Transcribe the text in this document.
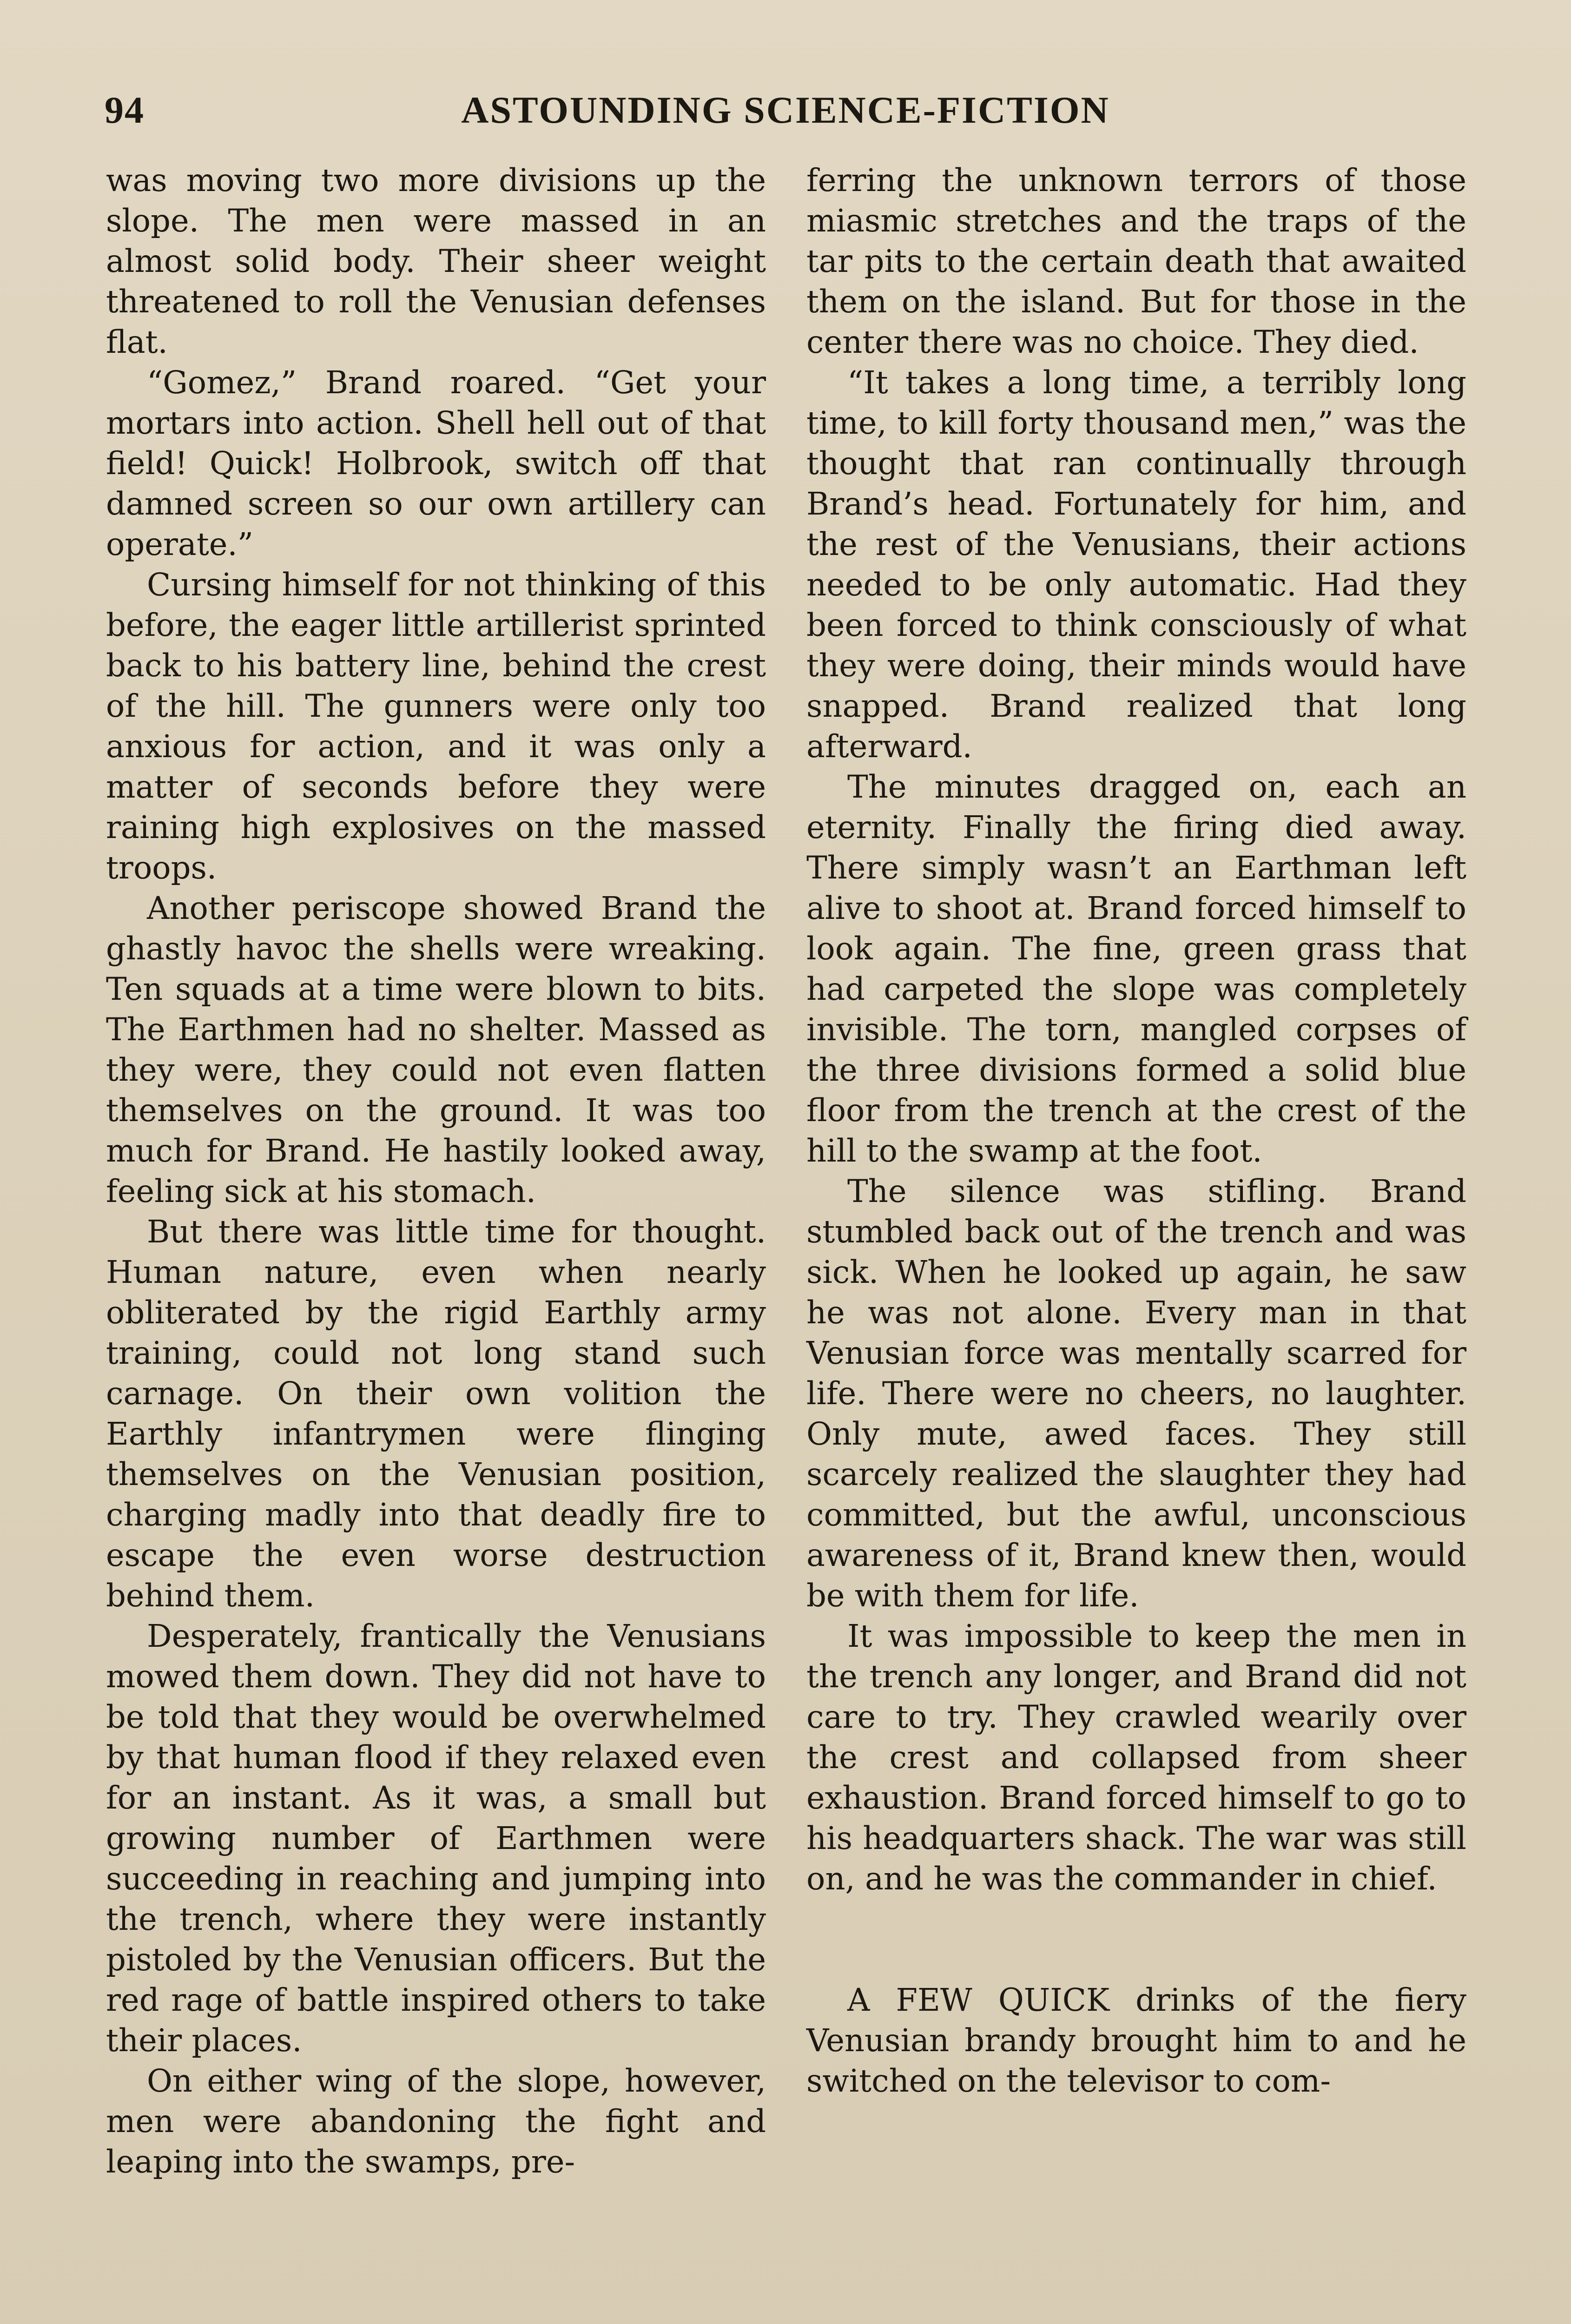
94	ASTOUNDING SCIENCE-FICTION

was moving two more divisions up the slope. The men were massed in an almost solid body. Their sheer weight threatened to roll the Venusian defenses flat.

“Gomez,” Brand roared. “Get your mortars into action. Shell hell out of that field! Quick! Holbrook, switch off that damned screen so our own artillery can operate.”

Cursing himself for not thinking of this before, the eager little artillerist sprinted back to his battery line, behind the crest of the hill. The gunners were only too anxious for action, and it was only a matter of seconds before they were raining high explosives on the massed troops.

Another periscope showed Brand the ghastly havoc the shells were wreaking. Ten squads at a time were blown to bits. The Earthmen had no shelter. Massed as they were, they could not even flatten themselves on the ground. It was too much for Brand. He hastily looked away, feeling sick at his stomach.

But there was little time for thought. Human nature, even when nearly obliterated by the rigid Earthly army training, could not long stand such carnage. On their own volition the Earthly infantrymen were flinging themselves on the Venusian position, charging madly into that deadly fire to escape the even worse destruction behind them.

Desperately, frantically the Venusians mowed them down. They did not have to be told that they would be overwhelmed by that human flood if they relaxed even for an instant. As it was, a small but growing number of Earthmen were succeeding in reaching and jumping into the trench, where they were instantly pistoled by the Venusian officers. But the red rage of battle inspired others to take their places.

On either wing of the slope, however, men were abandoning the fight and leaping into the swamps, pre-

ferring the unknown terrors of those miasmic stretches and the traps of the tar pits to the certain death that awaited them on the island. But for those in the center there was no choice. They died.

“It takes a long time, a terribly long time, to kill forty thousand men,” was the thought that ran continually through Brand’s head. Fortunately for him, and the rest of the Venusians, their actions needed to be only automatic. Had they been forced to think consciously of what they were doing, their minds would have snapped. Brand realized that long afterward.

The minutes dragged on, each an eternity. Finally the firing died away. There simply wasn’t an Earthman left alive to shoot at. Brand forced himself to look again. The fine, green grass that had carpeted the slope was completely invisible. The torn, mangled corpses of the three divisions formed a solid blue floor from the trench at the crest of the hill to the swamp at the foot.

The silence was stifling. Brand stumbled back out of the trench and was sick. When he looked up again, he saw he was not alone. Every man in that Venusian force was mentally scarred for life. There were no cheers, no laughter. Only mute, awed faces. They still scarcely realized the slaughter they had committed, but the awful, unconscious awareness of it, Brand knew then, would be with them for life.

It was impossible to keep the men in the trench any longer, and Brand did not care to try. They crawled wearily over the crest and collapsed from sheer exhaustion. Brand forced himself to go to his headquarters shack. The war was still on, and he was the commander in chief.

A FEW QUICK drinks of the fiery Venusian brandy brought him to and he switched on the televisor to com-
